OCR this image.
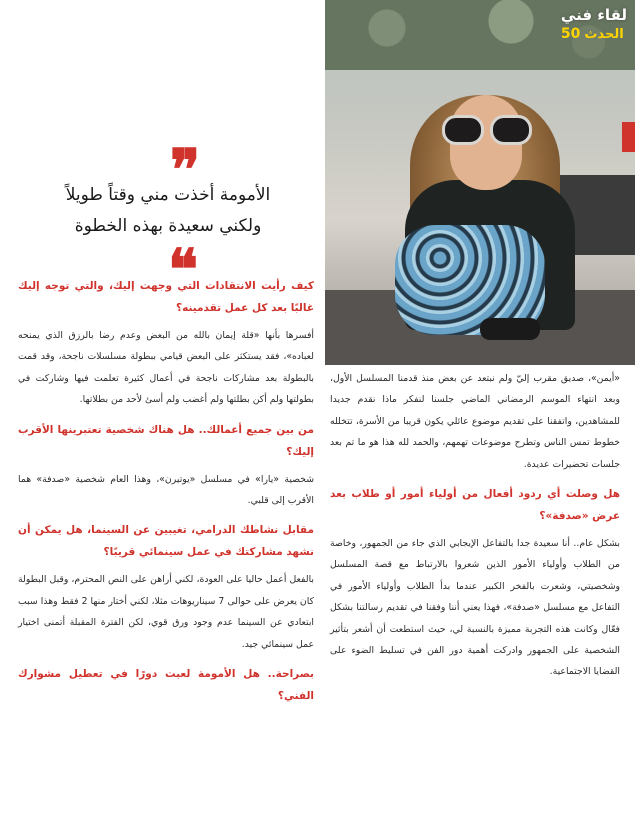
لقاء فني
الحدث
50
❞
الأمومة أخذت مني وقتاً طويلاً
ولكني سعيدة بهذه الخطوة
❝

كيف رأيت الانتقادات التي وجهت إليك، والتي توجه إليك غالبًا بعد كل عمل تقدمينه؟

أفسرها بأنها «قلة إيمان بالله من البعض وعدم رضا بالرزق الذي يمنحه لعباده»، فقد يستكثر على البعض قيامي ببطولة مسلسلات ناجحة، وقد قمت بالبطولة بعد مشاركات ناجحة في أعمال كثيرة تعلمت فيها وشاركت في بطولتها ولم أكن بطلتها ولم أغضب ولم أسئ لأحد من بطلاتها.

من بين جميع أعمالك.. هل هناك شخصية تعتبرينها الأقرب إليك؟

شخصية «يارا» في مسلسل «يوتيرن»، وهذا العام شخصية «صدفة» هما الأقرب إلى قلبي.

مقابل نشاطك الدرامي، تغيبين عن السينما، هل يمكن أن نشهد مشاركتك في عمل سينمائي قريبًا؟

بالفعل أعمل حاليا على العودة، لكني أراهن على النص المحترم، وقبل البطولة كان يعرض على حوالى 7 سيناريوهات مثلا، لكني أختار منها 2 فقط وهذا سبب ابتعادي عن السينما عدم وجود ورق قوي، لكن الفترة المقبلة أتمنى اختيار عمل سينمائي جيد.

بصراحة.. هل الأمومة لعبت دورًا في تعطيل مشوارك الفني؟

«أيمن»، صديق مقرب إليّ ولم نبتعد عن بعض منذ قدمنا المسلسل الأول، وبعد انتهاء الموسم الرمضاني الماضي جلسنا لنفكر ماذا نقدم جديدا للمشاهدين، واتفقنا على تقديم موضوع عائلي يكون قريبا من الأسرة، تتخلله خطوط تمس الناس وتطرح موضوعات تهمهم، والحمد لله هذا هو ما تم بعد جلسات تحضيرات عديدة.

هل وصلت أي ردود أفعال من أولياء أمور أو طلاب بعد عرض «صدفة»؟

بشكل عام.. أنا سعيدة جدا بالتفاعل الإيجابي الذي جاء من الجمهور، وخاصة من الطلاب وأولياء الأمور الذين شعروا بالارتباط مع قصة المسلسل وشخصيتي، وشعرت بالفخر الكبير عندما بدأ الطلاب وأولياء الأمور في التفاعل مع مسلسل «صدفة»، فهذا يعني أننا وفقنا في تقديم رسالتنا بشكل فعّال وكانت هذه التجربة مميزة بالنسبة لي، حيث استطعت أن أشعر بتأثير الشخصية على الجمهور وادركت أهمية دور الفن في تسليط الضوء على القضايا الاجتماعية.
